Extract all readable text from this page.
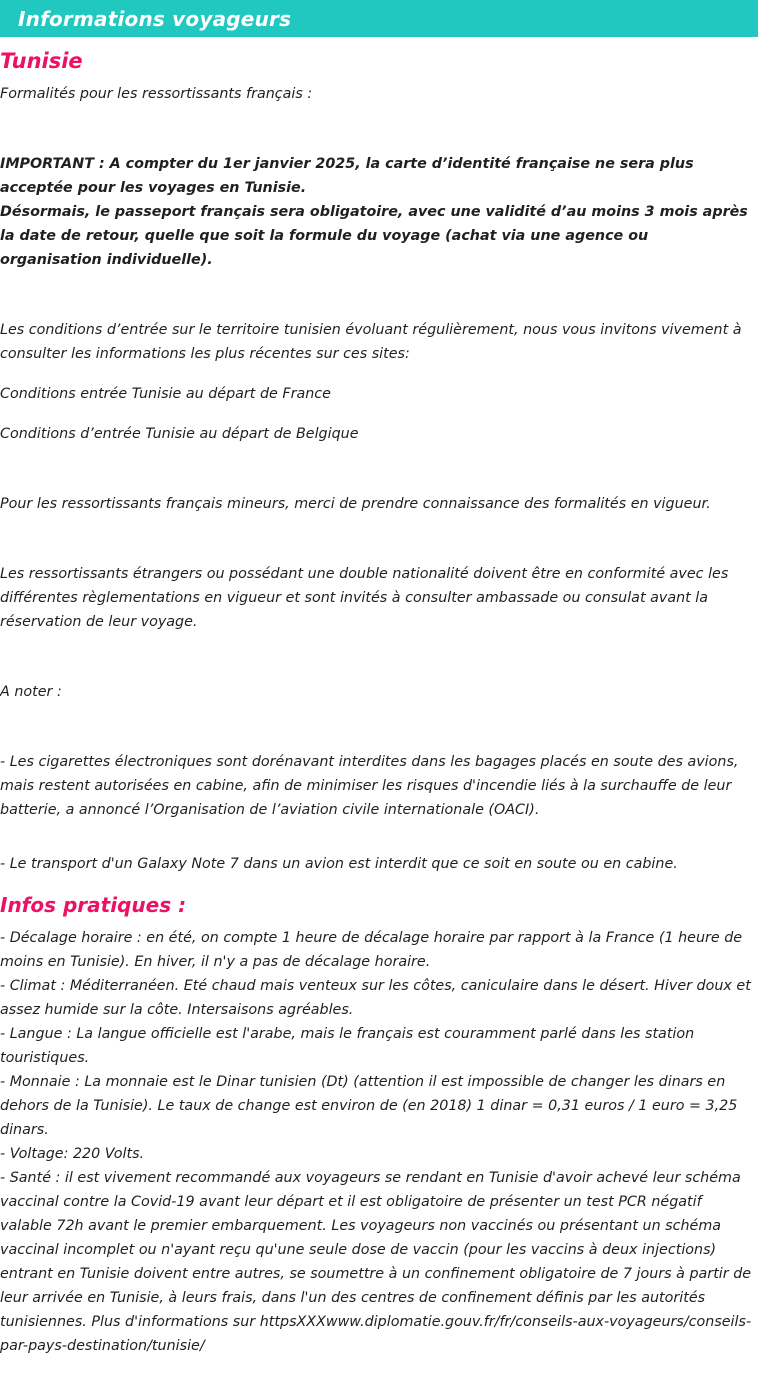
Informations voyageurs
Tunisie

Formalités pour les ressortissants français :

IMPORTANT : A compter du 1er janvier 2025, la carte d’identité française ne sera plus acceptée pour les voyages en Tunisie.

Désormais, le passeport français sera obligatoire, avec une validité d’au moins 3 mois après la date de retour, quelle que soit la formule du voyage (achat via une agence ou organisation individuelle).

Les conditions d’entrée sur le territoire tunisien évoluant régulièrement, nous vous invitons vivement à consulter les informations les plus récentes sur ces sites:

Conditions entrée Tunisie au départ de France

Conditions d’entrée Tunisie au départ de Belgique

Pour les ressortissants français mineurs, merci de prendre connaissance des formalités en vigueur.

Les ressortissants étrangers ou possédant une double nationalité doivent être en conformité avec les différentes règlementations en vigueur et sont invités à consulter ambassade ou consulat avant la réservation de leur voyage.

A noter :

- Les cigarettes électroniques sont dorénavant interdites dans les bagages placés en soute des avions, mais restent autorisées en cabine, afin de minimiser les risques d'incendie liés à la surchauffe de leur batterie, a annoncé l’Organisation de l’aviation civile internationale (OACI).

- Le transport d'un Galaxy Note 7 dans un avion est interdit que ce soit en soute ou en cabine.

Infos pratiques :

- Décalage horaire : en été, on compte 1 heure de décalage horaire par rapport à la France (1 heure de moins en Tunisie). En hiver, il n'y a pas de décalage horaire.

- Climat : Méditerranéen. Eté chaud mais venteux sur les côtes, caniculaire dans le désert. Hiver doux et assez humide sur la côte. Intersaisons agréables.

- Langue : La langue officielle est l'arabe, mais le français est couramment parlé dans les station touristiques.

- Monnaie : La monnaie est le Dinar tunisien (Dt) (attention il est impossible de changer les dinars en dehors de la Tunisie). Le taux de change est environ de (en 2018) 1 dinar = 0,31 euros / 1 euro = 3,25 dinars.

- Voltage: 220 Volts.

- Santé : il est vivement recommandé aux voyageurs se rendant en Tunisie d'avoir achevé leur schéma vaccinal contre la Covid-19 avant leur départ et il est obligatoire de présenter un test PCR négatif valable 72h avant le premier embarquement. Les voyageurs non vaccinés ou présentant un schéma vaccinal incomplet ou n'ayant reçu qu'une seule dose de vaccin (pour les vaccins à deux injections) entrant en Tunisie doivent entre autres, se soumettre à un confinement obligatoire de 7 jours à partir de leur arrivée en Tunisie, à leurs frais, dans l'un des centres de confinement définis par les autorités tunisiennes. Plus d'informations sur httpsXXXwww.diplomatie.gouv.fr/fr/conseils-aux-voyageurs/conseils-par-pays-destination/tunisie/
